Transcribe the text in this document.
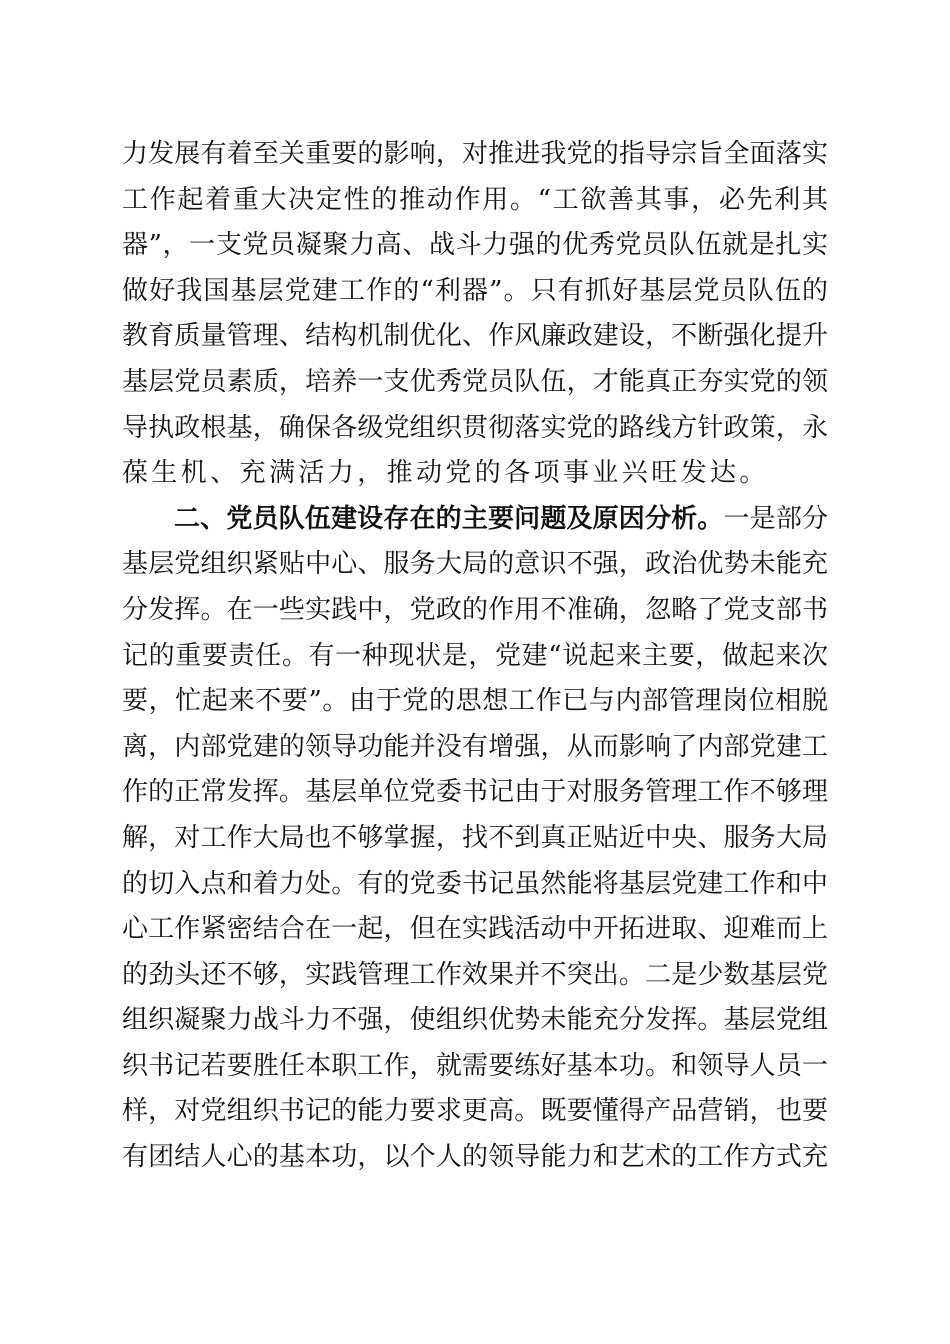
力发展有着至关重要的影响，对推进我党的指导宗旨全面落实
工作起着重大决定性的推动作用。“工欲善其事，必先利其
器”，一支党员凝聚力高、战斗力强的优秀党员队伍就是扎实
做好我国基层党建工作的“利器”。只有抓好基层党员队伍的
教育质量管理、结构机制优化、作风廉政建设，不断强化提升
基层党员素质，培养一支优秀党员队伍，才能真正夯实党的领
导执政根基，确保各级党组织贯彻落实党的路线方针政策，永
葆生机、充满活力，推动党的各项事业兴旺发达。
二、党员队伍建设存在的主要问题及原因分析。一是部分
基层党组织紧贴中心、服务大局的意识不强，政治优势未能充
分发挥。在一些实践中，党政的作用不准确，忽略了党支部书
记的重要责任。有一种现状是，党建“说起来主要，做起来次
要，忙起来不要”。由于党的思想工作已与内部管理岗位相脱
离，内部党建的领导功能并没有增强，从而影响了内部党建工
作的正常发挥。基层单位党委书记由于对服务管理工作不够理
解，对工作大局也不够掌握，找不到真正贴近中央、服务大局
的切入点和着力处。有的党委书记虽然能将基层党建工作和中
心工作紧密结合在一起，但在实践活动中开拓进取、迎难而上
的劲头还不够，实践管理工作效果并不突出。二是少数基层党
组织凝聚力战斗力不强，使组织优势未能充分发挥。基层党组
织书记若要胜任本职工作，就需要练好基本功。和领导人员一
样，对党组织书记的能力要求更高。既要懂得产品营销，也要
有团结人心的基本功，以个人的领导能力和艺术的工作方式充
